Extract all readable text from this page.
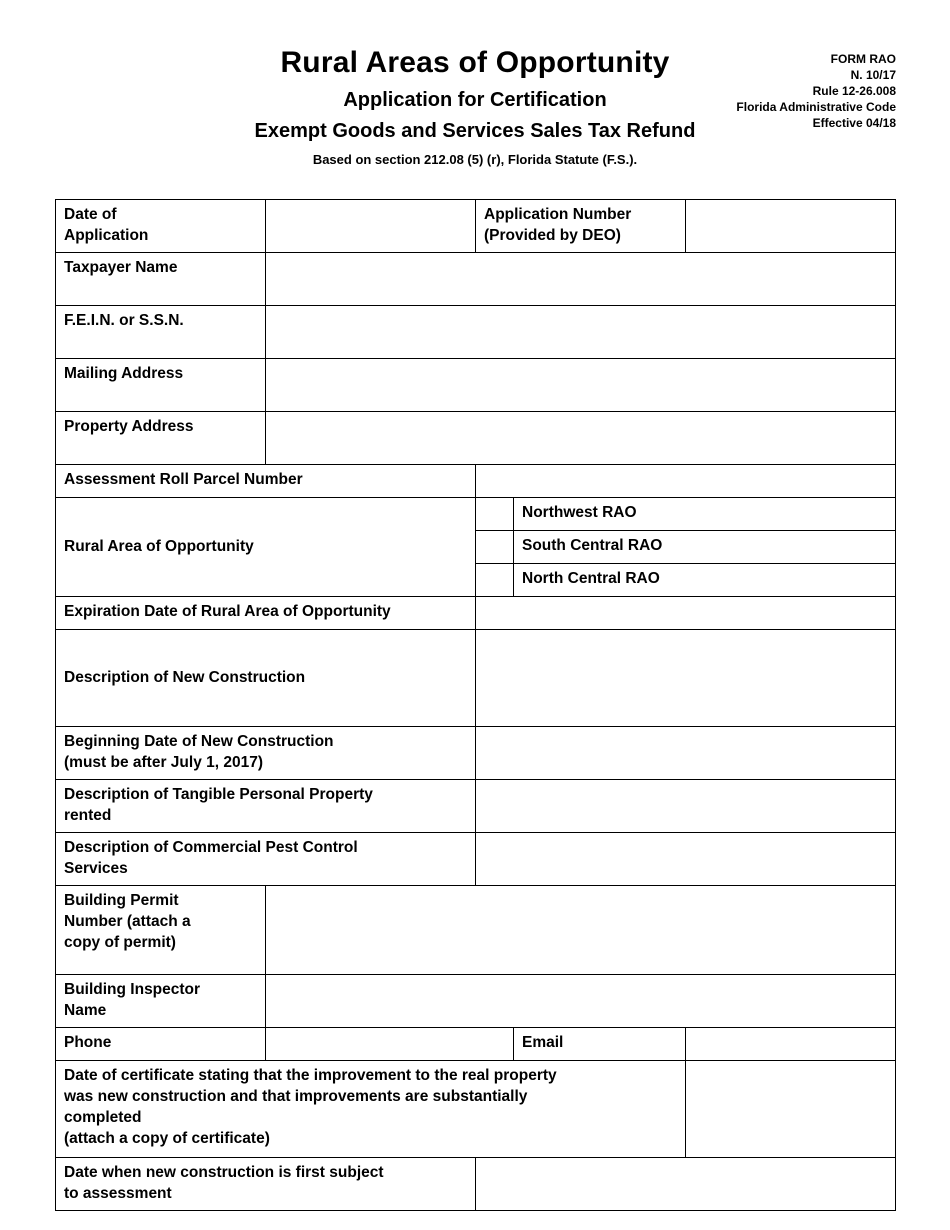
Rural Areas of Opportunity
Application for Certification
Exempt Goods and Services Sales Tax Refund
Based on section 212.08 (5) (r), Florida Statute (F.S.).
FORM RAO
N. 10/17
Rule 12-26.008
Florida Administrative Code
Effective 04/18
Date of
Application		Application Number
(Provided by DEO)		
Taxpayer Name				
F.E.I.N. or S.S.N.				
Mailing Address				
Property Address				
Assessment Roll Parcel Number				
Rural Area of Opportunity			Northwest RAO	
			South Central RAO	
			North Central RAO	
Expiration Date of Rural Area of Opportunity				
Description of New Construction				
Beginning Date of New Construction
(must be after July 1, 2017)				
Description of Tangible Personal Property
rented				
Description of Commercial Pest Control
Services				
Building Permit
Number (attach a
copy of permit)				
Building Inspector
Name				
Phone			Email	
Date of certificate stating that the improvement to the real property
was new construction and that improvements are substantially
completed
(attach a copy of certificate)				
Date when new construction is first subject
to assessment				
